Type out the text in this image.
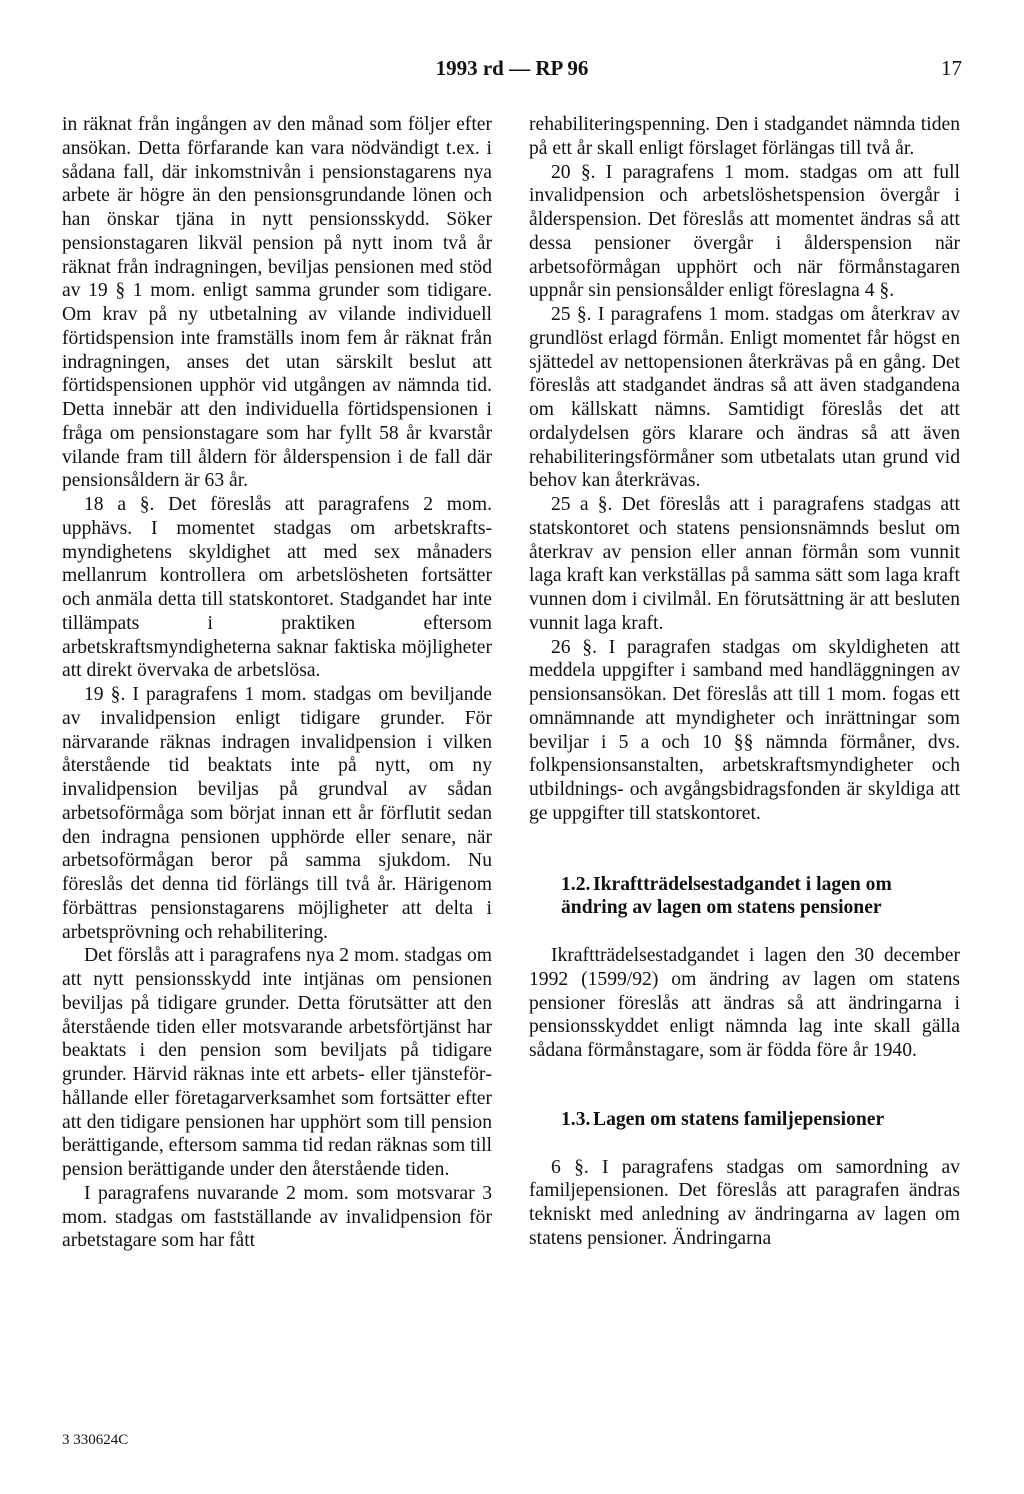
1993 rd — RP 96	17

in räknat från ingången av den månad som följer efter ansökan. Detta förfarande kan vara nödvändigt t.ex. i sådana fall, där inkomstnivån i pensionstagarens nya arbete är högre än den pensionsgrundande lönen och han önskar tjäna in nytt pensionsskydd. Söker pensionstagaren likväl pension på nytt inom två år räknat från indragningen, beviljas pensionen med stöd av 19 § 1 mom. enligt samma grunder som tidigare. Om krav på ny utbetalning av vilande individuell förtidspension inte framställs inom fem år räknat från indragningen, anses det utan särskilt beslut att förtidspensionen upphör vid utgången av nämnda tid. Detta innebär att den individuella förtidspensionen i fråga om pensionstagare som har fyllt 58 år kvarstår vilande fram till åldern för ålderspension i de fall där pensionsåldern är 63 år.

18 a §. Det föreslås att paragrafens 2 mom. upphävs. I momentet stadgas om arbetskraftsmyndighetens skyldighet att med sex månaders mellanrum kontrollera om arbetslösheten fortsätter och anmäla detta till statskontoret. Stadgandet har inte tillämpats i praktiken eftersom arbetskraftsmyndigheterna saknar faktiska möjligheter att direkt övervaka de arbetslösa.

19 §. I paragrafens 1 mom. stadgas om beviljande av invalidpension enligt tidigare grunder. För närvarande räknas indragen invalidpension i vilken återstående tid beaktats inte på nytt, om ny invalidpension beviljas på grundval av sådan arbetsoförmåga som börjat innan ett år förflutit sedan den indragna pensionen upphörde eller senare, när arbetsoförmågan beror på samma sjukdom. Nu föreslås det denna tid förlängs till två år. Härigenom förbättras pensionstagarens möjligheter att delta i arbetsprövning och rehabilitering.

Det förslås att i paragrafens nya 2 mom. stadgas om att nytt pensionsskydd inte intjänas om pensionen beviljas på tidigare grunder. Detta förutsätter att den återstående tiden eller motsvarande arbetsförtjänst har beaktats i den pension som beviljats på tidigare grunder. Härvid räknas inte ett arbets- eller tjänsteförhållande eller företagarverksamhet som fortsätter efter att den tidigare pensionen har upphört som till pension berättigande, eftersom samma tid redan räknas som till pension berättigande under den återstående tiden.

I paragrafens nuvarande 2 mom. som motsvarar 3 mom. stadgas om fastställande av invalidpension för arbetstagare som har fått

rehabiliteringspenning. Den i stadgandet nämnda tiden på ett år skall enligt förslaget förlängas till två år.

20 §. I paragrafens 1 mom. stadgas om att full invalidpension och arbetslöshetspension övergår i ålderspension. Det föreslås att momentet ändras så att dessa pensioner övergår i ålderspension när arbetsoförmågan upphört och när förmånstagaren uppnår sin pensionsålder enligt föreslagna 4 §.

25 §. I paragrafens 1 mom. stadgas om återkrav av grundlöst erlagd förmån. Enligt momentet får högst en sjättedel av nettopensionen återkrävas på en gång. Det föreslås att stadgandet ändras så att även stadgandena om källskatt nämns. Samtidigt föreslås det att ordalydelsen görs klarare och ändras så att även rehabiliteringsförmåner som utbetalats utan grund vid behov kan återkrävas.

25 a §. Det föreslås att i paragrafens stadgas att statskontoret och statens pensionsnämnds beslut om återkrav av pension eller annan förmån som vunnit laga kraft kan verkställas på samma sätt som laga kraft vunnen dom i civilmål. En förutsättning är att besluten vunnit laga kraft.

26 §. I paragrafen stadgas om skyldigheten att meddela uppgifter i samband med handläggningen av pensionsansökan. Det föreslås att till 1 mom. fogas ett omnämnande att myndigheter och inrättningar som beviljar i 5 a och 10 §§ nämnda förmåner, dvs. folkpensionsanstalten, arbetskraftsmyndigheter och utbildnings- och avgångsbidragsfonden är skyldiga att ge uppgifter till statskontoret.

1.2. Ikraftträdelsestadgandet i lagen om ändring av lagen om statens pensioner

Ikraftträdelsestadgandet i lagen den 30 december 1992 (1599/92) om ändring av lagen om statens pensioner föreslås att ändras så att ändringarna i pensionsskyddet enligt nämnda lag inte skall gälla sådana förmånstagare, som är födda före år 1940.

1.3. Lagen om statens familjepensioner

6 §. I paragrafens stadgas om samordning av familjepensionen. Det föreslås att paragrafen ändras tekniskt med anledning av ändringarna av lagen om statens pensioner. Ändringarna

3 330624C
